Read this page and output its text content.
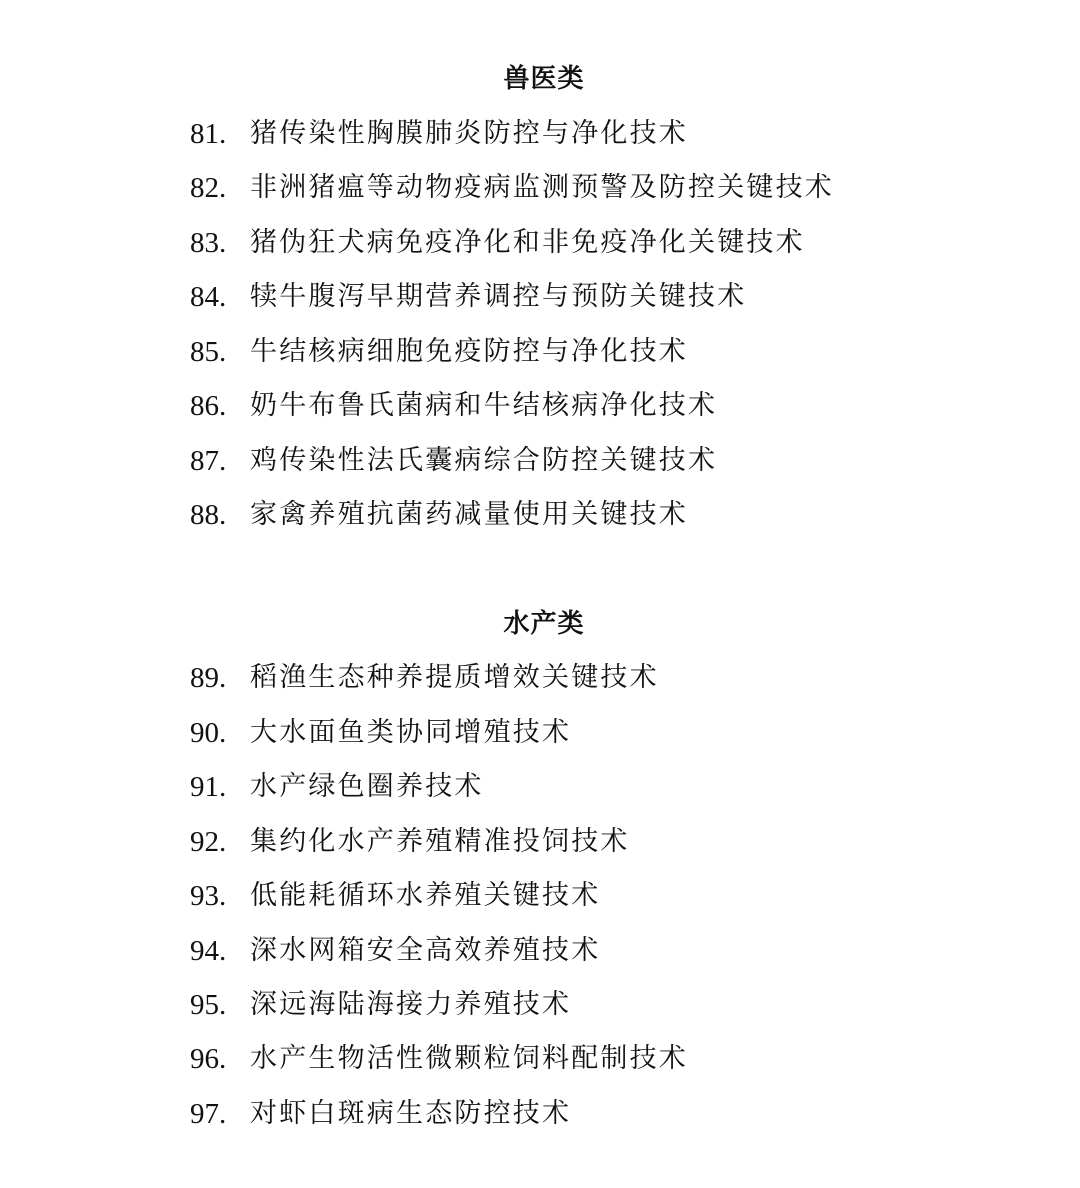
兽医类
81. 猪传染性胸膜肺炎防控与净化技术
82. 非洲猪瘟等动物疫病监测预警及防控关键技术
83. 猪伪狂犬病免疫净化和非免疫净化关键技术
84. 犊牛腹泻早期营养调控与预防关键技术
85. 牛结核病细胞免疫防控与净化技术
86. 奶牛布鲁氏菌病和牛结核病净化技术
87. 鸡传染性法氏囊病综合防控关键技术
88. 家禽养殖抗菌药减量使用关键技术
水产类
89. 稻渔生态种养提质增效关键技术
90. 大水面鱼类协同增殖技术
91. 水产绿色圈养技术
92. 集约化水产养殖精准投饲技术
93. 低能耗循环水养殖关键技术
94. 深水网箱安全高效养殖技术
95. 深远海陆海接力养殖技术
96. 水产生物活性微颗粒饲料配制技术
97. 对虾白斑病生态防控技术
